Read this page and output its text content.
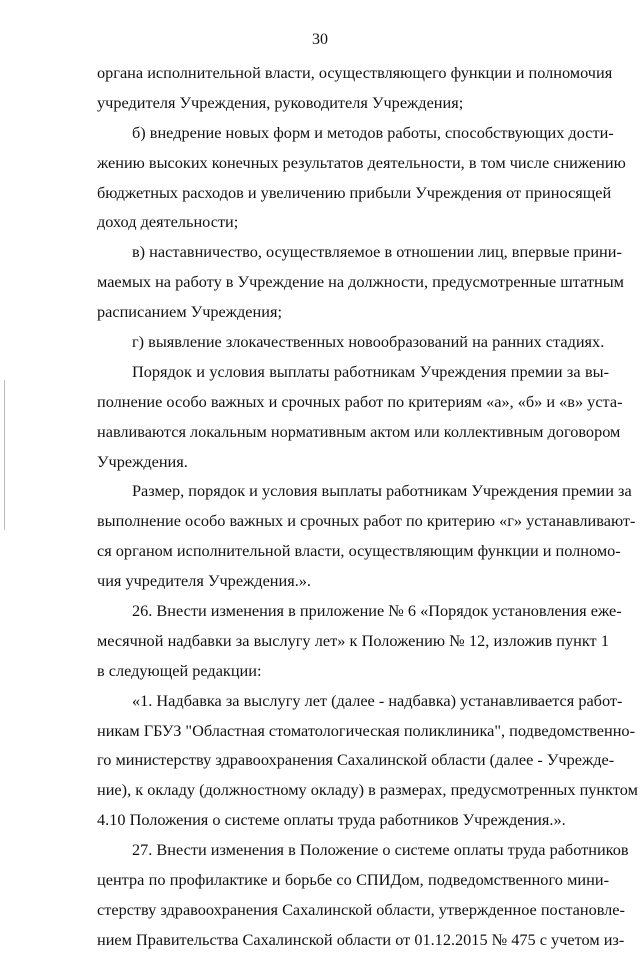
30
органа исполнительной власти, осуществляющего функции и полномочия
учредителя Учреждения, руководителя Учреждения;
б) внедрение новых форм и методов работы, способствующих дости-
жению высоких конечных результатов деятельности, в том числе снижению
бюджетных расходов и увеличению прибыли Учреждения от приносящей
доход деятельности;
в) наставничество, осуществляемое в отношении лиц, впервые прини-
маемых на работу в Учреждение на должности, предусмотренные штатным
расписанием Учреждения;
г) выявление злокачественных новообразований на ранних стадиях.
Порядок и условия выплаты работникам Учреждения премии за вы-
полнение особо важных и срочных работ по критериям «а», «б» и «в» уста-
навливаются локальным нормативным актом или коллективным договором
Учреждения.
Размер, порядок и условия выплаты работникам Учреждения премии за
выполнение особо важных и срочных работ по критерию «г» устанавливают-
ся органом исполнительной власти, осуществляющим функции и полномо-
чия учредителя Учреждения.».
26. Внести изменения в приложение № 6 «Порядок установления еже-
месячной надбавки за выслугу лет» к Положению № 12, изложив пункт 1
в следующей редакции:
«1. Надбавка за выслугу лет (далее - надбавка) устанавливается работ-
никам ГБУЗ "Областная стоматологическая поликлиника", подведомственно-
го министерству здравоохранения Сахалинской области (далее - Учрежде-
ние), к окладу (должностному окладу) в размерах, предусмотренных пунктом
4.10 Положения о системе оплаты труда работников Учреждения.».
27. Внести изменения в Положение о системе оплаты труда работников
центра по профилактике и борьбе со СПИДом, подведомственного мини-
стерству здравоохранения Сахалинской области, утвержденное постановле-
нием Правительства Сахалинской области от 01.12.2015 № 475 с учетом из-
